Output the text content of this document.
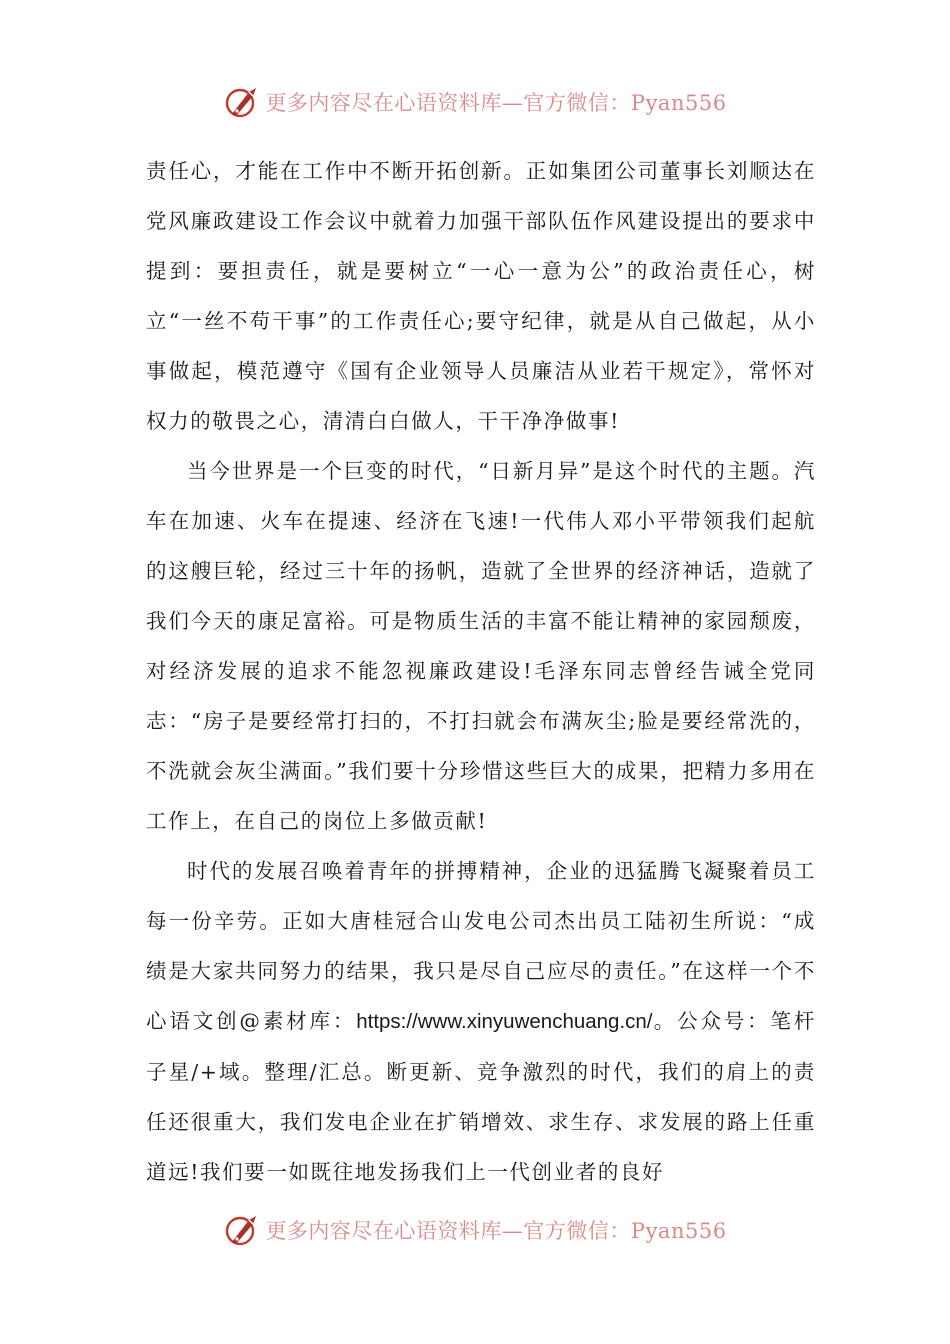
更多内容尽在心语资料库—官方微信：Pyan556

责任心，才能在工作中不断开拓创新。正如集团公司董事长刘顺达在党风廉政建设工作会议中就着力加强干部队伍作风建设提出的要求中提到：要担责任，就是要树立“一心一意为公”的政治责任心，树立“一丝不苟干事”的工作责任心;要守纪律，就是从自己做起，从小事做起，模范遵守《国有企业领导人员廉洁从业若干规定》，常怀对权力的敬畏之心，清清白白做人，干干净净做事!

当今世界是一个巨变的时代，“日新月异”是这个时代的主题。汽车在加速、火车在提速、经济在飞速!一代伟人邓小平带领我们起航的这艘巨轮，经过三十年的扬帆，造就了全世界的经济神话，造就了我们今天的康足富裕。可是物质生活的丰富不能让精神的家园颓废，对经济发展的追求不能忽视廉政建设!毛泽东同志曾经告诫全党同志：“房子是要经常打扫的，不打扫就会布满灰尘;脸是要经常洗的，不洗就会灰尘满面。”我们要十分珍惜这些巨大的成果，把精力多用在工作上，在自己的岗位上多做贡献!

时代的发展召唤着青年的拼搏精神，企业的迅猛腾飞凝聚着员工每一份辛劳。正如大唐桂冠合山发电公司杰出员工陆初生所说：“成绩是大家共同努力的结果，我只是尽自己应尽的责任。”在这样一个不心语文创@素材库：https://www.xinyuwenchuang.cn/。公众号：笔杆子星/+域。整理/汇总。断更新、竞争激烈的时代，我们的肩上的责任还很重大，我们发电企业在扩销增效、求生存、求发展的路上任重道远!我们要一如既往地发扬我们上一代创业者的良好

更多内容尽在心语资料库—官方微信：Pyan556
